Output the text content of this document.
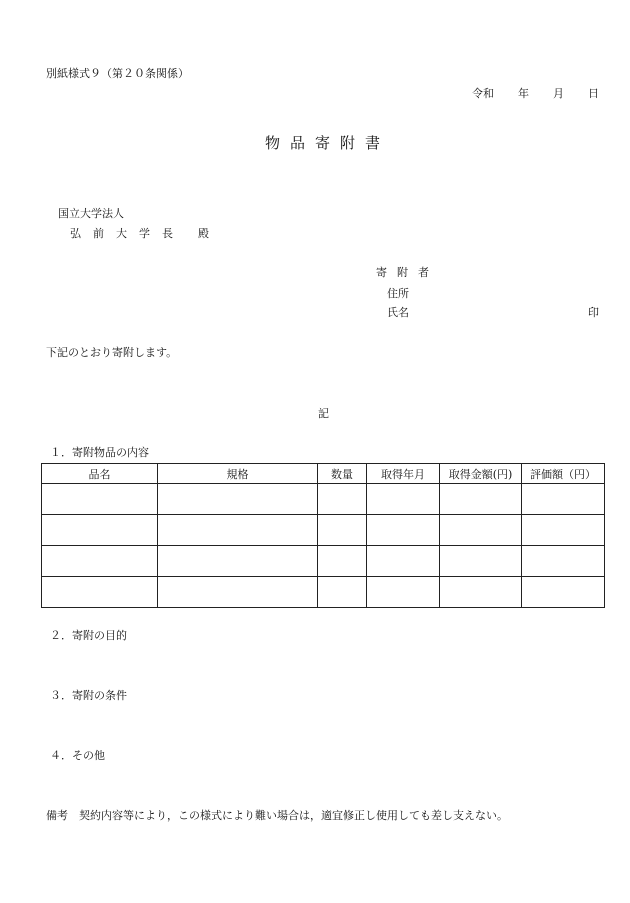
別紙様式９（第２０条関係）
令和 年 月 日
物品寄附書
国立大学法人
弘前大学長 殿
寄附者
住所
氏名	印
下記のとおり寄附します。
記
１．寄附物品の内容
品名	規格	数量	取得年月	取得金額(円)	評価額（円）

２．寄附の目的
３．寄附の条件
４．その他
備考　契約内容等により，この様式により難い場合は，適宜修正し使用しても差し支えない。
